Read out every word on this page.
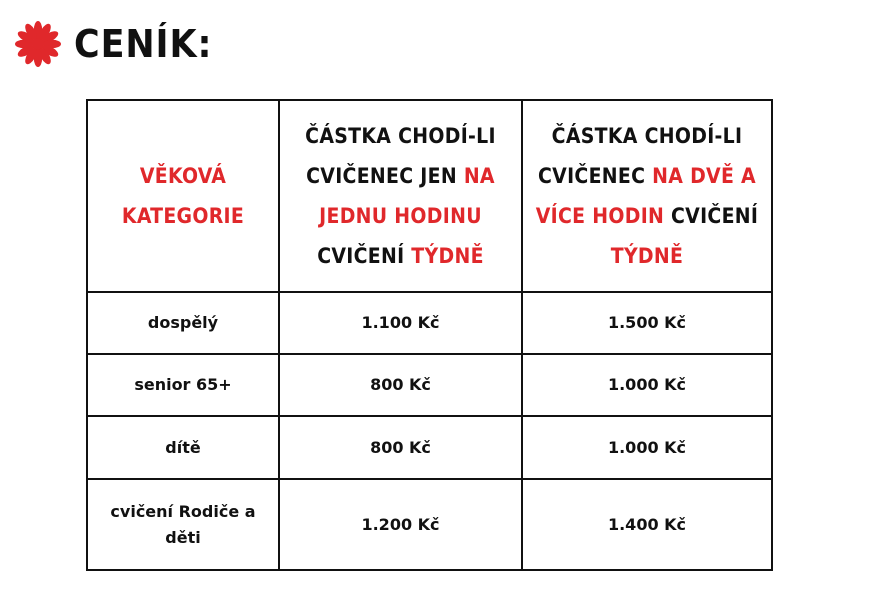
CENÍK:
VĚKOVÁ KATEGORIE	ČÁSTKA CHODÍ-LI CVIČENEC JEN NA JEDNU HODINU CVIČENÍ TÝDNĚ	ČÁSTKA CHODÍ-LI CVIČENEC NA DVĚ A VÍCE HODIN CVIČENÍ TÝDNĚ

dospělý	1.100 Kč	1.500 Kč

senior 65+	800 Kč	1.000 Kč

dítě	800 Kč	1.000 Kč

cvičení Rodiče a děti	1.200 Kč	1.400 Kč
